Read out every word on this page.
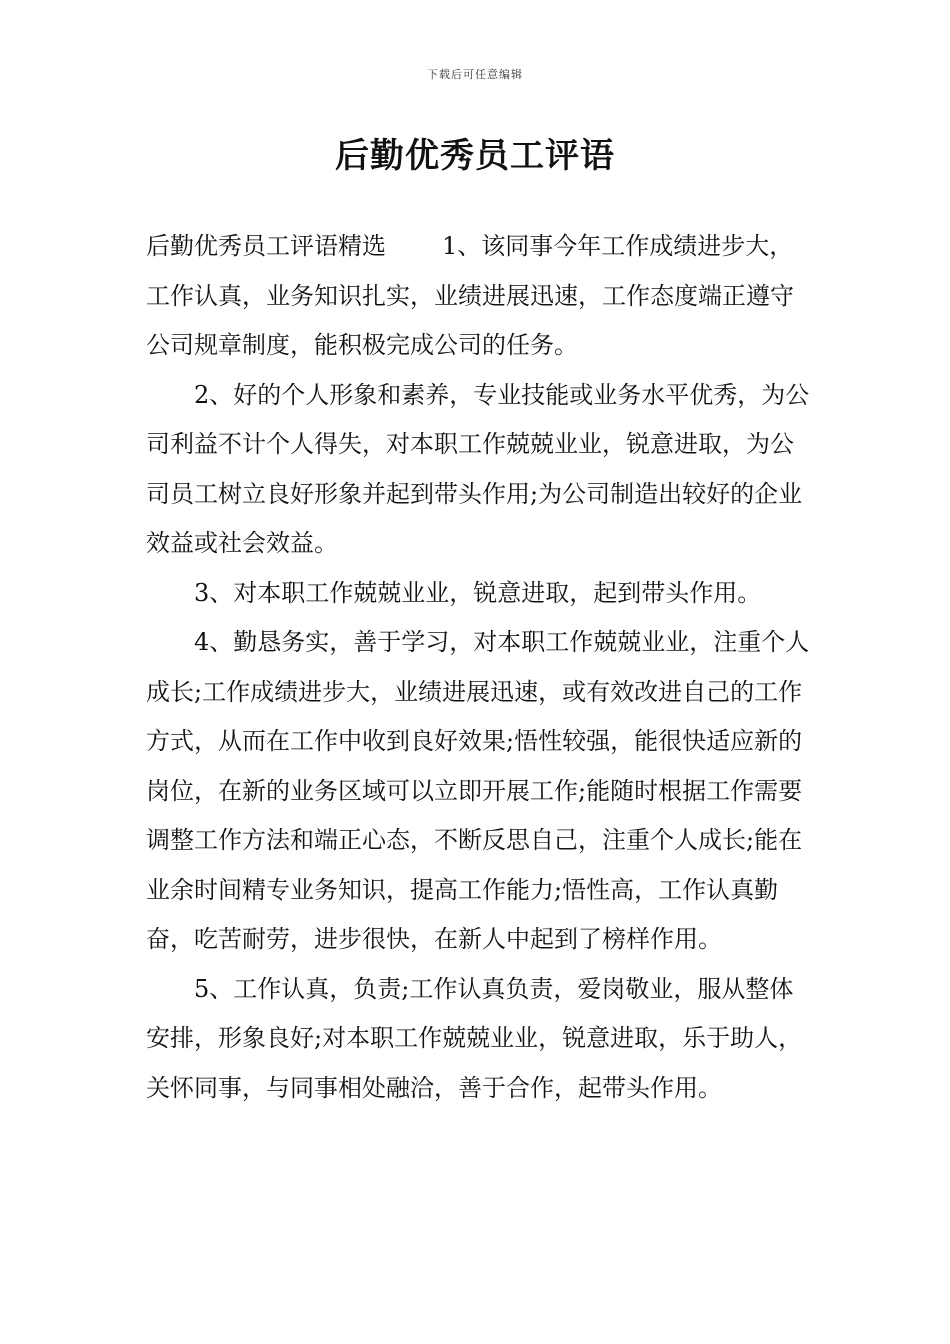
下载后可任意编辑
后勤优秀员工评语

后勤优秀员工评语精选 1、该同事今年工作成绩进步大，工作认真，业务知识扎实，业绩进展迅速，工作态度端正遵守公司规章制度，能积极完成公司的任务。

2、好的个人形象和素养，专业技能或业务水平优秀，为公司利益不计个人得失，对本职工作兢兢业业，锐意进取，为公司员工树立良好形象并起到带头作用;为公司制造出较好的企业效益或社会效益。

3、对本职工作兢兢业业，锐意进取，起到带头作用。

4、勤恳务实，善于学习，对本职工作兢兢业业，注重个人成长;工作成绩进步大，业绩进展迅速，或有效改进自己的工作方式，从而在工作中收到良好效果;悟性较强，能很快适应新的岗位，在新的业务区域可以立即开展工作;能随时根据工作需要调整工作方法和端正心态，不断反思自己，注重个人成长;能在业余时间精专业务知识，提高工作能力;悟性高，工作认真勤奋，吃苦耐劳，进步很快，在新人中起到了榜样作用。

5、工作认真，负责;工作认真负责，爱岗敬业，服从整体安排，形象良好;对本职工作兢兢业业，锐意进取，乐于助人，关怀同事，与同事相处融洽，善于合作，起带头作用。
